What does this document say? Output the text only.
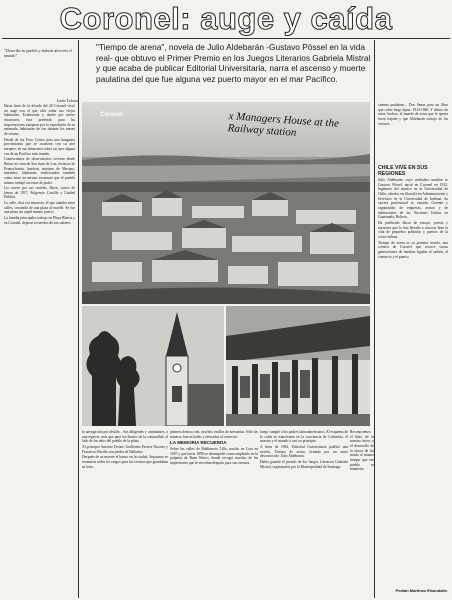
Coronel: auge y caída
"Tiempo de arena", novela de Julio Aldebarán -Gustavo Pössel en la vida real- que obtuvo el Primer Premio en los Juegos Literarios Gabriela Mistral y que acaba de publicar Editorial Universitaria, narra el ascenso y muerte paulatina del que fue alguna vez puerto mayor en el mar Pacífico.
"Describe tu pueblo y habrás descrito el mundo".
León Tolstoi

Hasta fines de la década del 20 Coronel vivió un auge con el que sólo soñar sus viejos habitantes. Exuberante y dueño por nueve estaciones, fuse preferido para las importaciones europeas por la expedición de su ensenada, habitantes de fue durante los meses de verano.

Desde de los Foco Centro para una hungarita provincianas que se ocasiona con su aire europeo, en sus almacenes sobre un ayer alguna vez de un Pacífico más mundo.

Comerciantes de observatorios cerveza desde Beirut no eran de San Juan de Luz, técnicos de Pennsylvania, lunchon, marinos de Mecano, marinero; habitantes tradicionales también como entre un mismo escenario que el pueblo mismo trabajó sin estar de poder.

Los nueve por sus carteles, libros, carros de hierro de 1917, Fulgencio Castillo y Unidad Pública.

La calle, dios era entonces, él que andaba entre calles, cruzando de una plaza al muelle. Se fue una plaza sin aquel mismo puerto.

La familia principales trabajo en Playa Blanca y en Coronel, dejaron recuerdos de sus salones.

Coronel	x Managers House at the Railway station

cinema paulatino... Dos líneas para un libro que cubre largo lapso: 1914-1960. Y dentro de estas, hechos, el mundo de estos que le queria fuera trajado y que Aldebarán extrajo de los vecinos.

CHILE VIVE EN SUS REGIONES

Julio Aldebarán, cuyo verdadero nombre es Gustavo Pössel, nació en Coronel en 1932. Ingeniero del músico en la Universidad de Chile, cátedra, en filosofía en Administración y Servicios en la Universidad de Indiana. Su carrera profesional es variada: Gerente y organizador de empresas, asesor y de habitaciones de las Naciones Unidas en Guatemala, Bolivia.

Ha publicado libros de ensayo, poesía y narrativa que lo han llevado a conocer bien la vida de pequeños poblados y puertos de la costa chilena.

Tiempo de arena es su primera novela, una crónica de Coronel que recorre varias generaciones de familias ligadas al carbón, el comercio y el puerto.

la navegación por desfile... Sus diligentes y cambiantes, a una especie, más que para los diarios de la comunidad, al lado de los años del pueblo de la plaza.

Al principio Antonio Tesiste, Guillermo Pereira Navarro y Francisco Basilio son piedra de Balloney.

Después de su muerte el banco en la ciudad. Seguimos se reunieron todos los rasgos para los vecinos que guardaban su letra.

primera destrucción, muchos visillos de artesanías. Sólo los mineros fueron leales y aferrados al comercio.

LA MEMORIA RECUERDA

Sobre las calles de Baldomero Lillo, nacido en Lota en 1867 y que hacia 1890 se desempeñó como empleado en la pulpería de Buen Retiro, donde recogió muchas de las impresiones que le servirían después para sus cuentos.

luego cumple a los padres latinoamericanos. El esquema de la caída se transforma en la conciencia de Colombia, el nuestro y el mundo a casi su principio.

A fines de 1982, Editorial Universitaria publicó una novela, Tiempo de arena, firmada por un autor desconocido: Julio Aldebarán.

Había ganado el premio de los Juegos Literarios Gabriela Mistral, organizados por la Municipalidad de Santiago.

Reconocemos el libro de la nuestra tierra; y el desarrollo de la época de las minas al mismo tiempo que ese pueblo se mantiene.

Pedian Martínez Elsandalle.
